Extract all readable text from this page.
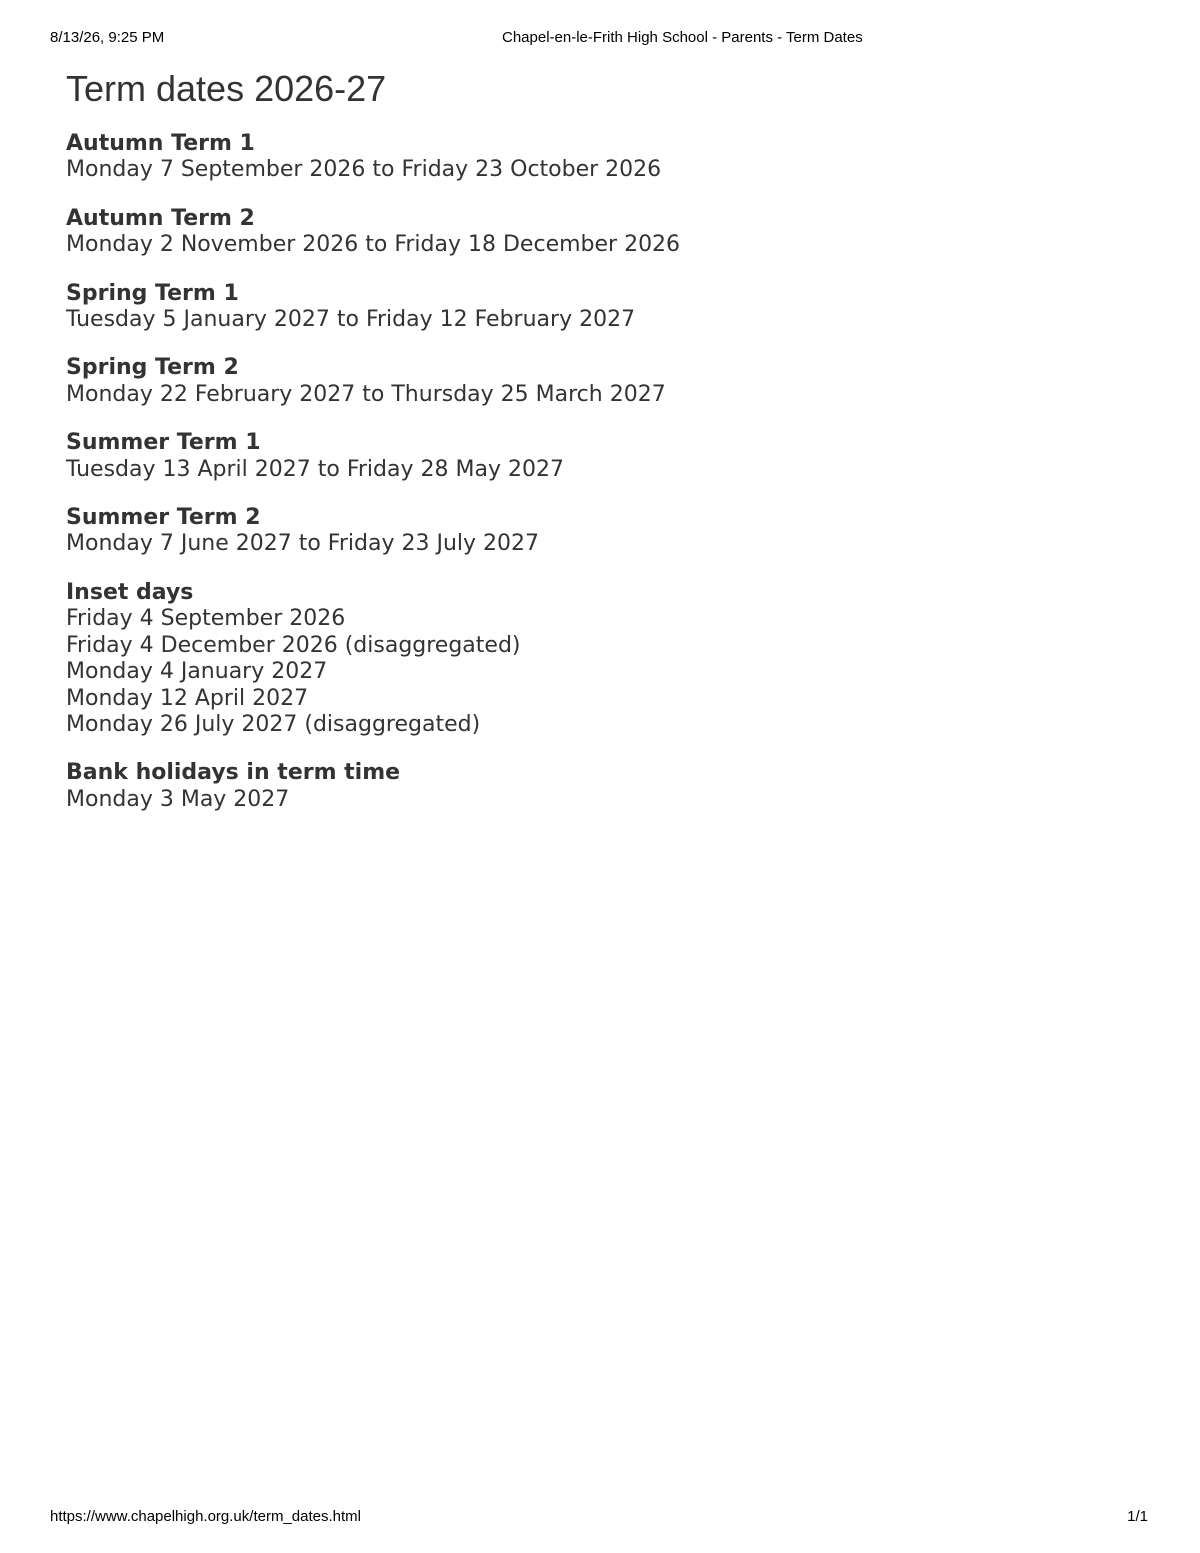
8/13/26, 9:25 PM	Chapel-en-le-Frith High School - Parents - Term Dates
Term dates 2026-27
Autumn Term 1
Monday 7 September 2026 to Friday 23 October 2026
Autumn Term 2
Monday 2 November 2026 to Friday 18 December 2026
Spring Term 1
Tuesday 5 January 2027 to Friday 12 February 2027
Spring Term 2
Monday 22 February 2027 to Thursday 25 March 2027
Summer Term 1
Tuesday 13 April 2027 to Friday 28 May 2027
Summer Term 2
Monday 7 June 2027 to Friday 23 July 2027
Inset days
Friday 4 September 2026
Friday 4 December 2026 (disaggregated)
Monday 4 January 2027
Monday 12 April 2027
Monday 26 July 2027 (disaggregated)
Bank holidays in term time
Monday 3 May 2027
https://www.chapelhigh.org.uk/term_dates.html	1/1
